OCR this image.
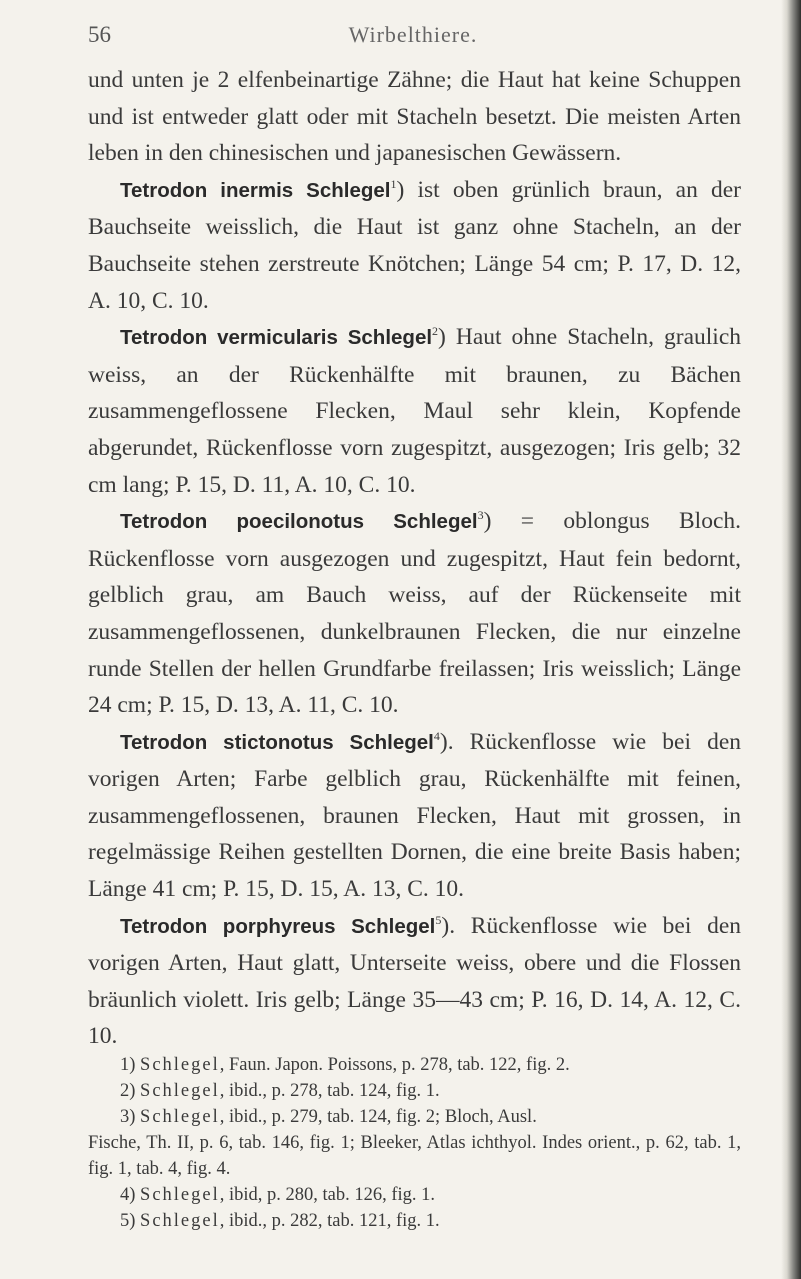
56	Wirbelthiere.

und unten je 2 elfenbeinartige Zähne; die Haut hat keine Schuppen und ist entweder glatt oder mit Stacheln besetzt. Die meisten Arten leben in den chinesischen und japanesischen Gewässern.

Tetrodon inermis Schlegel$^1$) ist oben grünlich braun, an der Bauchseite weisslich, die Haut ist ganz ohne Stacheln, an der Bauchseite stehen zerstreute Knötchen; Länge 54 cm; P. 17, D. 12, A. 10, C. 10.

Tetrodon vermicularis Schlegel$^2$) Haut ohne Stacheln, graulich weiss, an der Rückenhälfte mit braunen, zu Bächen zusammengeflossene Flecken, Maul sehr klein, Kopfende abgerundet, Rückenflosse vorn zugespitzt, ausgezogen; Iris gelb; 32 cm lang; P. 15, D. 11, A. 10, C. 10.

Tetrodon poecilonotus Schlegel$^3$) = oblongus Bloch. Rückenflosse vorn ausgezogen und zugespitzt, Haut fein bedornt, gelblich grau, am Bauch weiss, auf der Rückenseite mit zusammengeflossenen, dunkelbraunen Flecken, die nur einzelne runde Stellen der hellen Grundfarbe freilassen; Iris weisslich; Länge 24 cm; P. 15, D. 13, A. 11, C. 10.

Tetrodon stictonotus Schlegel$^4$). Rückenflosse wie bei den vorigen Arten; Farbe gelblich grau, Rückenhälfte mit feinen, zusammengeflossenen, braunen Flecken, Haut mit grossen, in regelmässige Reihen gestellten Dornen, die eine breite Basis haben; Länge 41 cm; P. 15, D. 15, A. 13, C. 10.

Tetrodon porphyreus Schlegel$^5$). Rückenflosse wie bei den vorigen Arten, Haut glatt, Unterseite weiss, obere und die Flossen bräunlich violett. Iris gelb; Länge 35—43 cm; P. 16, D. 14, A. 12, C. 10.

1) Schlegel, Faun. Japon. Poissons, p. 278, tab. 122, fig. 2.
2) Schlegel, ibid., p. 278, tab. 124, fig. 1.
3) Schlegel, ibid., p. 279, tab. 124, fig. 2; Bloch, Ausl.
Fische, Th. II, p. 6, tab. 146, fig. 1; Bleeker, Atlas ichthyol. Indes orient., p. 62, tab. 1, fig. 1, tab. 4, fig. 4.
4) Schlegel, ibid, p. 280, tab. 126, fig. 1.
5) Schlegel, ibid., p. 282, tab. 121, fig. 1.
